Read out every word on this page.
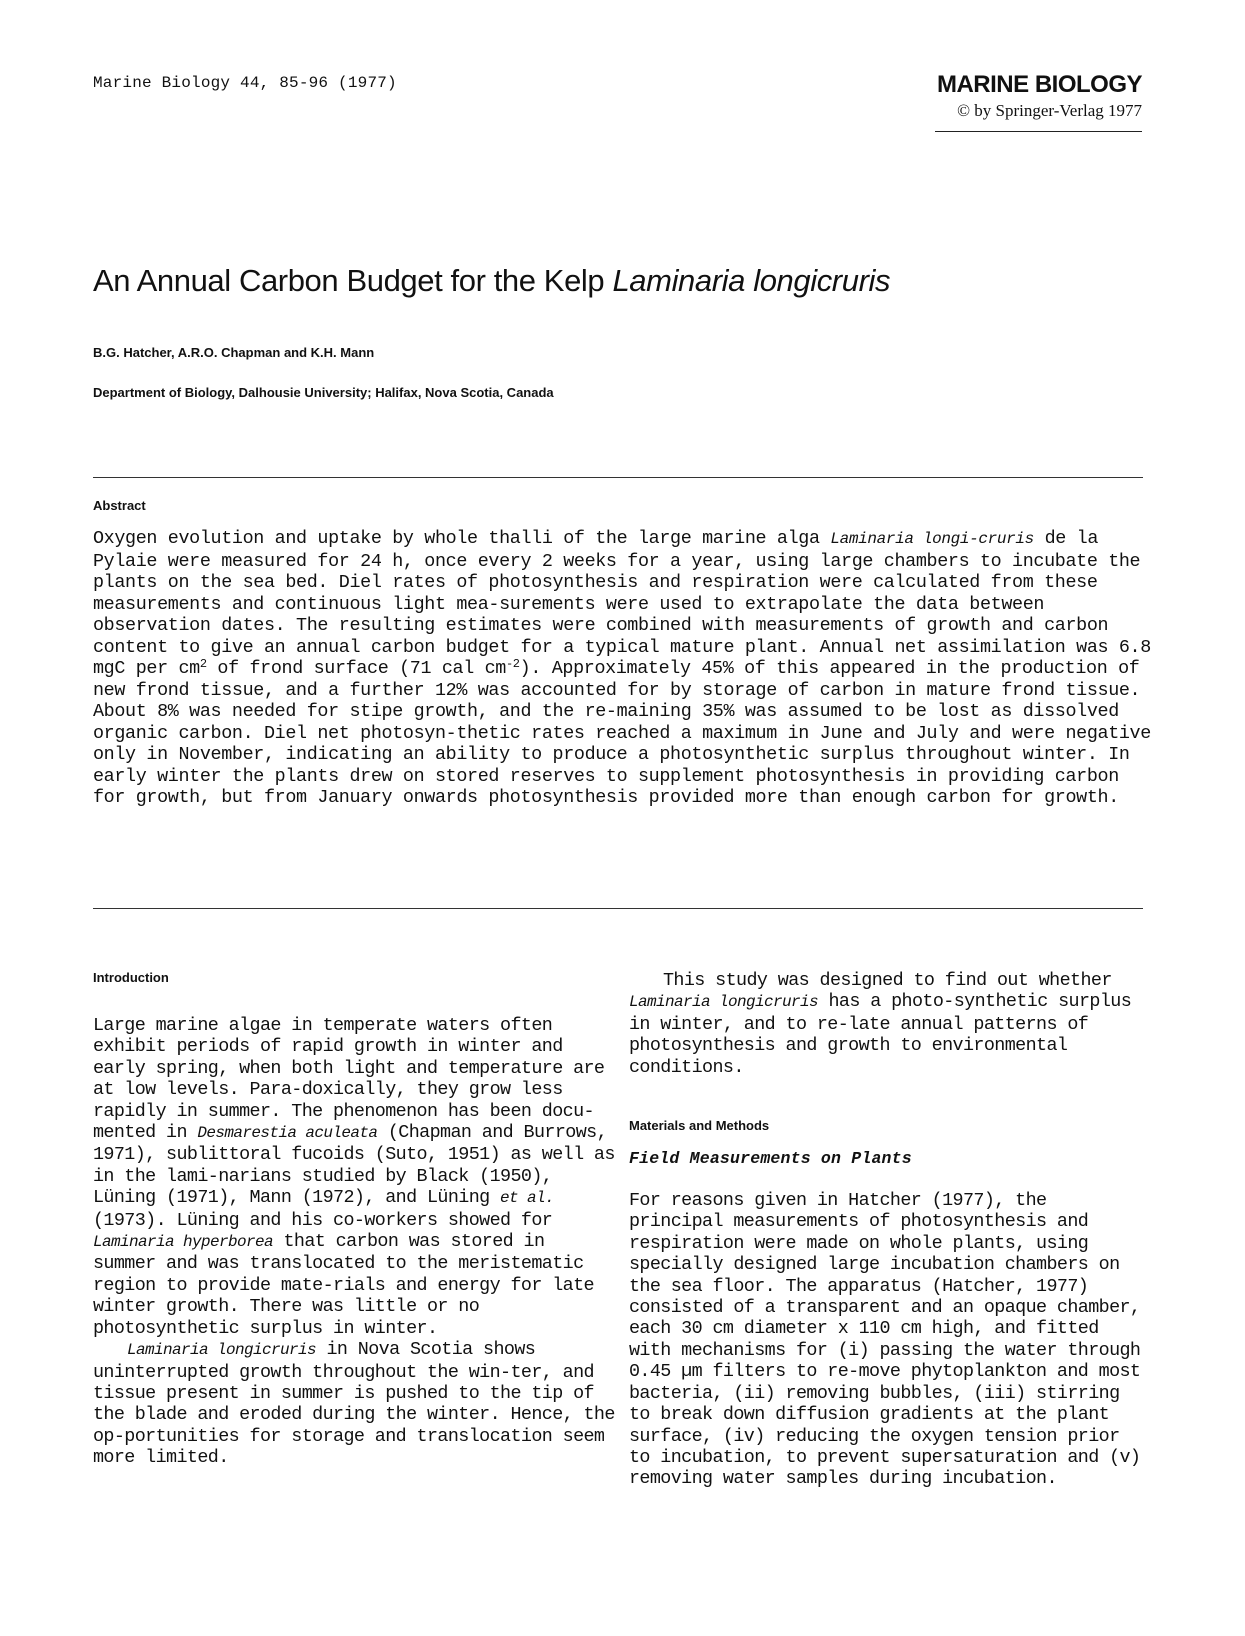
Marine Biology 44, 85-96 (1977)	MARINE BIOLOGY
© by Springer-Verlag 1977
An Annual Carbon Budget for the Kelp Laminaria longicruris
B.G. Hatcher, A.R.O. Chapman and K.H. Mann
Department of Biology, Dalhousie University; Halifax, Nova Scotia, Canada
Abstract

Oxygen evolution and uptake by whole thalli of the large marine alga Laminaria longi-cruris de la Pylaie were measured for 24 h, once every 2 weeks for a year, using large chambers to incubate the plants on the sea bed. Diel rates of photosynthesis and respiration were calculated from these measurements and continuous light mea-surements were used to extrapolate the data between observation dates. The resulting estimates were combined with measurements of growth and carbon content to give an annual carbon budget for a typical mature plant. Annual net assimilation was 6.8 mgC per $cm^2$ of frond surface (71 cal $cm^{-2}$). Approximately 45% of this appeared in the production of new frond tissue, and a further 12% was accounted for by storage of carbon in mature frond tissue. About 8% was needed for stipe growth, and the re-maining 35% was assumed to be lost as dissolved organic carbon. Diel net photosyn-thetic rates reached a maximum in June and July and were negative only in November, indicating an ability to produce a photosynthetic surplus throughout winter. In early winter the plants drew on stored reserves to supplement photosynthesis in providing carbon for growth, but from January onwards photosynthesis provided more than enough carbon for growth.

Introduction

Large marine algae in temperate waters often exhibit periods of rapid growth in winter and early spring, when both light and temperature are at low levels. Para-doxically, they grow less rapidly in summer. The phenomenon has been docu-mented in Desmarestia aculeata (Chapman and Burrows, 1971), sublittoral fucoids (Suto, 1951) as well as in the lami-narians studied by Black (1950), Lüning (1971), Mann (1972), and Lüning et al. (1973). Lüning and his co-workers showed for Laminaria hyperborea that carbon was stored in summer and was translocated to the meristematic region to provide mate-rials and energy for late winter growth. There was little or no photosynthetic surplus in winter.

Laminaria longicruris in Nova Scotia shows uninterrupted growth throughout the win-ter, and tissue present in summer is pushed to the tip of the blade and eroded during the winter. Hence, the op-portunities for storage and translocation seem more limited.

This study was designed to find out whether Laminaria longicruris has a photo-synthetic surplus in winter, and to re-late annual patterns of photosynthesis and growth to environmental conditions.

Materials and Methods
Field Measurements on Plants

For reasons given in Hatcher (1977), the principal measurements of photosynthesis and respiration were made on whole plants, using specially designed large incubation chambers on the sea floor. The apparatus (Hatcher, 1977) consisted of a transparent and an opaque chamber, each 30 cm diameter x 110 cm high, and fitted with mechanisms for (i) passing the water through 0.45 µm filters to re-move phytoplankton and most bacteria, (ii) removing bubbles, (iii) stirring to break down diffusion gradients at the plant surface, (iv) reducing the oxygen tension prior to incubation, to prevent supersaturation and (v) removing water samples during incubation.
